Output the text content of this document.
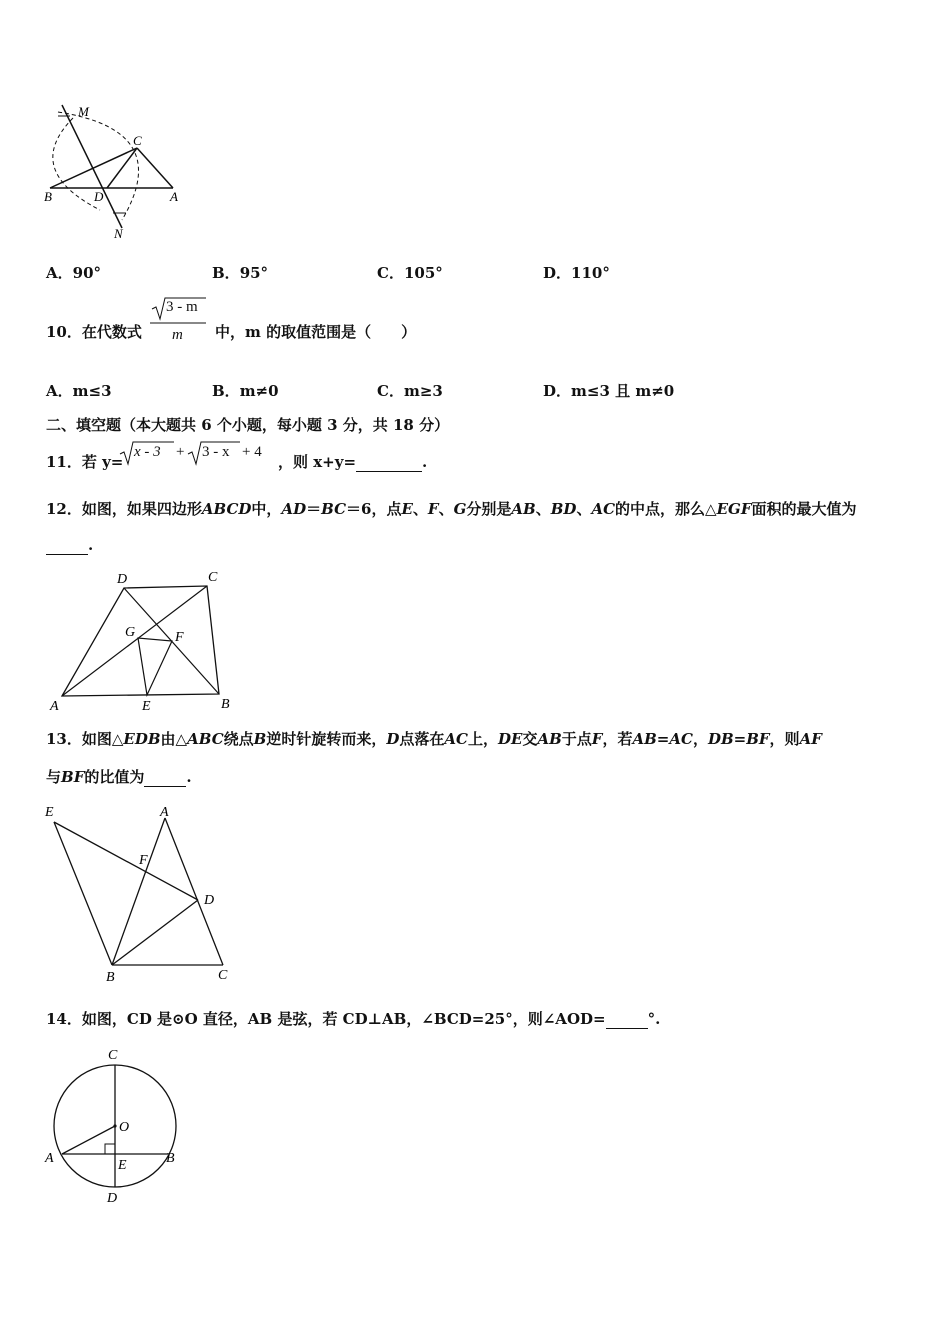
M
C
B	D	A
N
A．90°	B．95°	C．105°	D．110°
10．在代数式
3 - m
m 中，m 的取值范围是（　　）
A．m≤3	B．m≠0	C．m≥3	D．m≤3 且 m≠0
二、填空题（本大题共 6 个小题，每小题 3 分，共 18 分）
11．若 y=
x - 3 + 3 - x + 4
，则 x+y=	.
12．如图，如果四边形ABCD中，AD＝BC＝6，点E、F、G分别是AB、BD、AC的中点，那么△EGF面积的最大值为
.
D	C
G	F
A	E	B
13．如图△EDB由△ABC绕点B逆时针旋转而来，D点落在AC上，DE交AB于点F，若AB=AC，DB=BF，则AF
与BF的比值为	.
E	A
F
D
B	C
14．如图，CD 是⊙O 直径，AB 是弦，若 CD⊥AB，∠BCD=25°，则∠AOD=	°.
C
O
A	E	B
D
